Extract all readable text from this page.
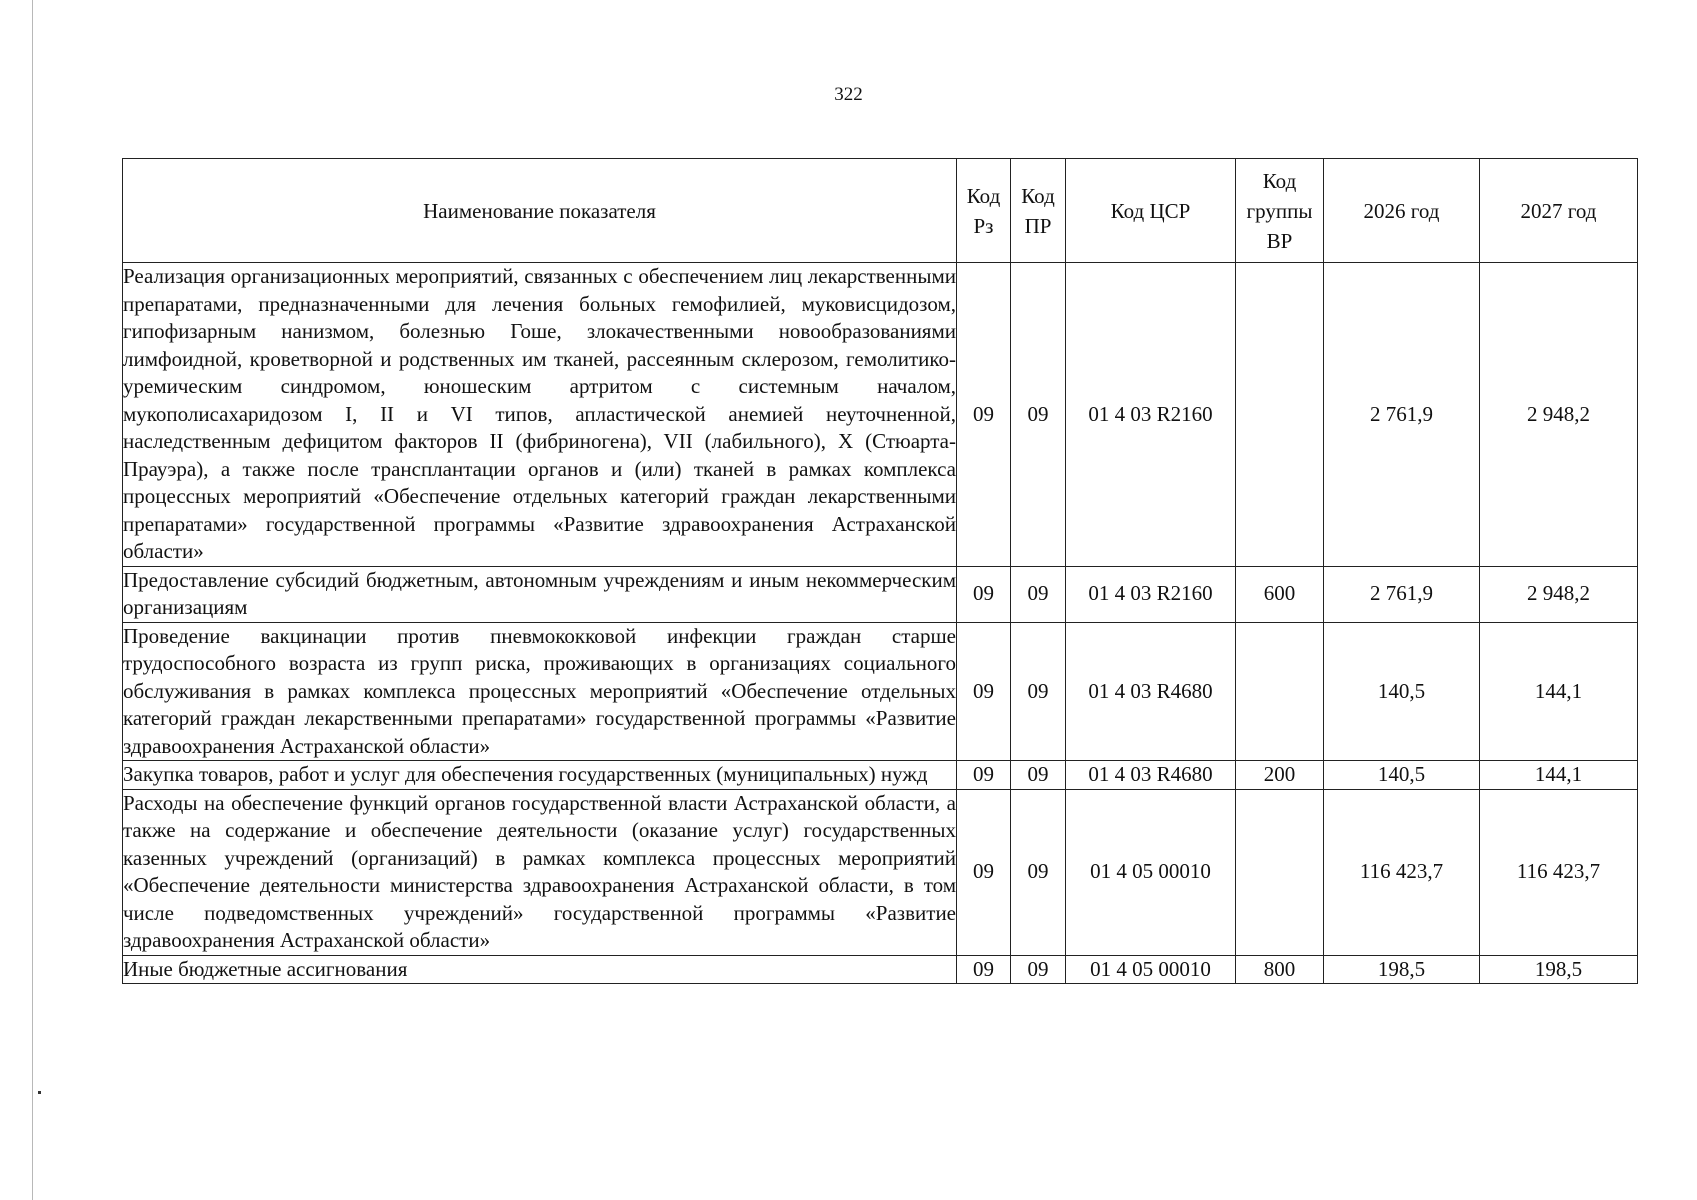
322
Наименование показателя	Код Рз	Код ПР	Код ЦСР	Код группы ВР	2026 год	2027 год
Реализация организационных мероприятий, связанных с обеспечением лиц лекарственными препаратами, предназначенными для лечения больных гемофилией, муковисцидозом, гипофизарным нанизмом, болезнью Гоше, злокачественными новообразованиями лимфоидной, кроветворной и родственных им тканей, рассеянным склерозом, гемолитико-уремическим синдромом, юношеским артритом с системным началом, мукополисахаридозом I, II и VI типов, апластической анемией неуточненной, наследственным дефицитом факторов II (фибриногена), VII (лабильного), X (Стюарта-Прауэра), а также после трансплантации органов и (или) тканей в рамках комплекса процессных мероприятий «Обеспечение отдельных категорий граждан лекарственными препаратами» государственной программы «Развитие здравоохранения Астраханской области»	09	09	01 4 03 R2160		2 761,9	2 948,2
Предоставление субсидий бюджетным, автономным учреждениям и иным некоммерческим организациям	09	09	01 4 03 R2160	600	2 761,9	2 948,2
Проведение вакцинации против пневмококковой инфекции граждан старше трудоспособного возраста из групп риска, проживающих в организациях социального обслуживания в рамках комплекса процессных мероприятий «Обеспечение отдельных категорий граждан лекарственными препаратами» государственной программы «Развитие здравоохранения Астраханской области»	09	09	01 4 03 R4680		140,5	144,1
Закупка товаров, работ и услуг для обеспечения государственных (муниципальных) нужд	09	09	01 4 03 R4680	200	140,5	144,1
Расходы на обеспечение функций органов государственной власти Астраханской области, а также на содержание и обеспечение деятельности (оказание услуг) государственных казенных учреждений (организаций) в рамках комплекса процессных мероприятий «Обеспечение деятельности министерства здравоохранения Астраханской области, в том числе подведомственных учреждений» государственной программы «Развитие здравоохранения Астраханской области»	09	09	01 4 05 00010		116 423,7	116 423,7
Иные бюджетные ассигнования	09	09	01 4 05 00010	800	198,5	198,5
